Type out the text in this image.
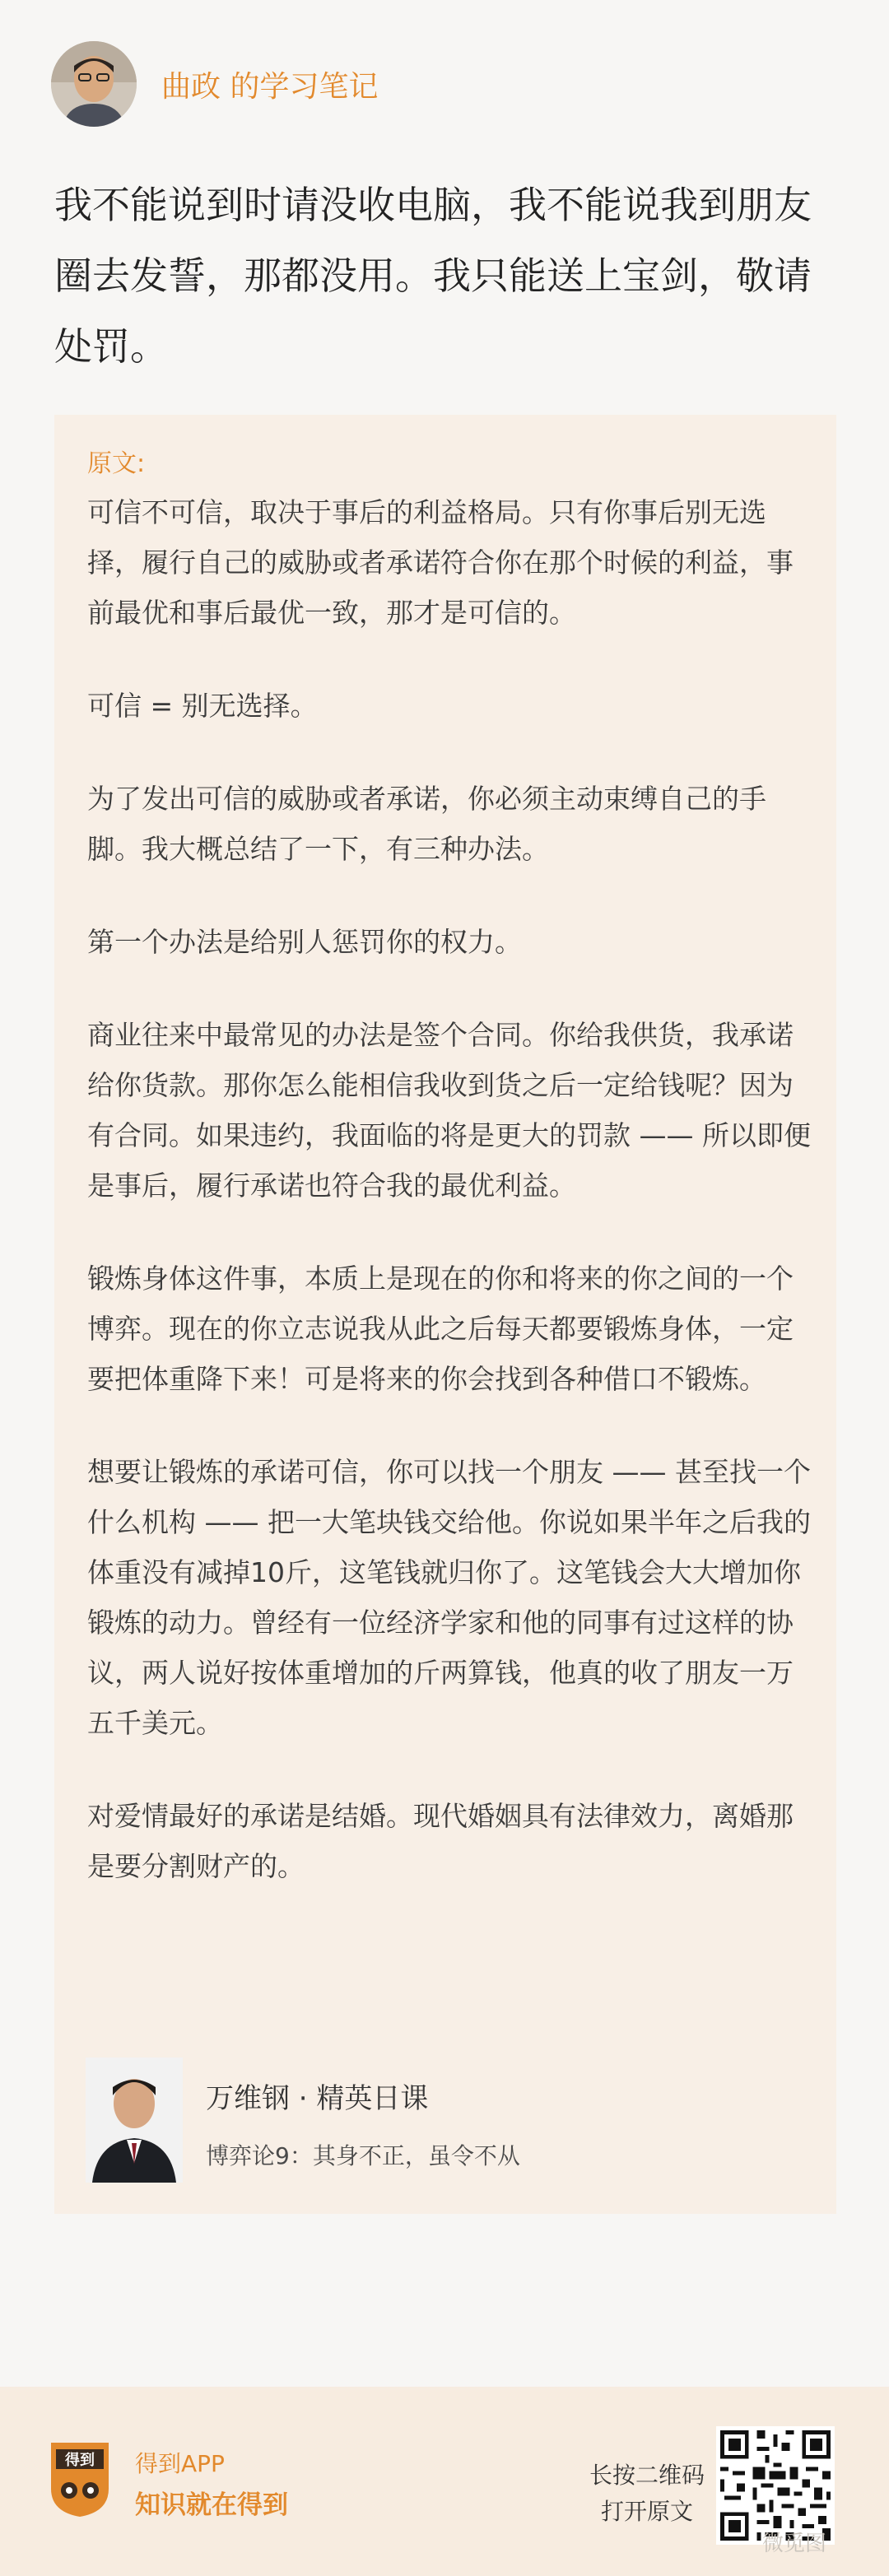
曲政 的学习笔记
我不能说到时请没收电脑，我不能说我到朋友圈去发誓，那都没用。我只能送上宝剑，敬请处罚。
原文:

可信不可信，取决于事后的利益格局。只有你事后别无选择，履行自己的威胁或者承诺符合你在那个时候的利益，事前最优和事后最优一致，那才是可信的。

可信 = 别无选择。

为了发出可信的威胁或者承诺，你必须主动束缚自己的手脚。我大概总结了一下，有三种办法。

第一个办法是给别人惩罚你的权力。

商业往来中最常见的办法是签个合同。你给我供货，我承诺给你货款。那你怎么能相信我收到货之后一定给钱呢？因为有合同。如果违约，我面临的将是更大的罚款 —— 所以即便是事后，履行承诺也符合我的最优利益。

锻炼身体这件事，本质上是现在的你和将来的你之间的一个博弈。现在的你立志说我从此之后每天都要锻炼身体，一定要把体重降下来！可是将来的你会找到各种借口不锻炼。

想要让锻炼的承诺可信，你可以找一个朋友 —— 甚至找一个什么机构 —— 把一大笔块钱交给他。你说如果半年之后我的体重没有减掉10斤，这笔钱就归你了。这笔钱会大大增加你锻炼的动力。曾经有一位经济学家和他的同事有过这样的协议，两人说好按体重增加的斤两算钱，他真的收了朋友一万五千美元。

对爱情最好的承诺是结婚。现代婚姻具有法律效力，离婚那是要分割财产的。

万维钢 · 精英日课
博弈论9：其身不正，虽令不从
得到 得到APP
知识就在得到
长按二维码
打开原文
微觅图
